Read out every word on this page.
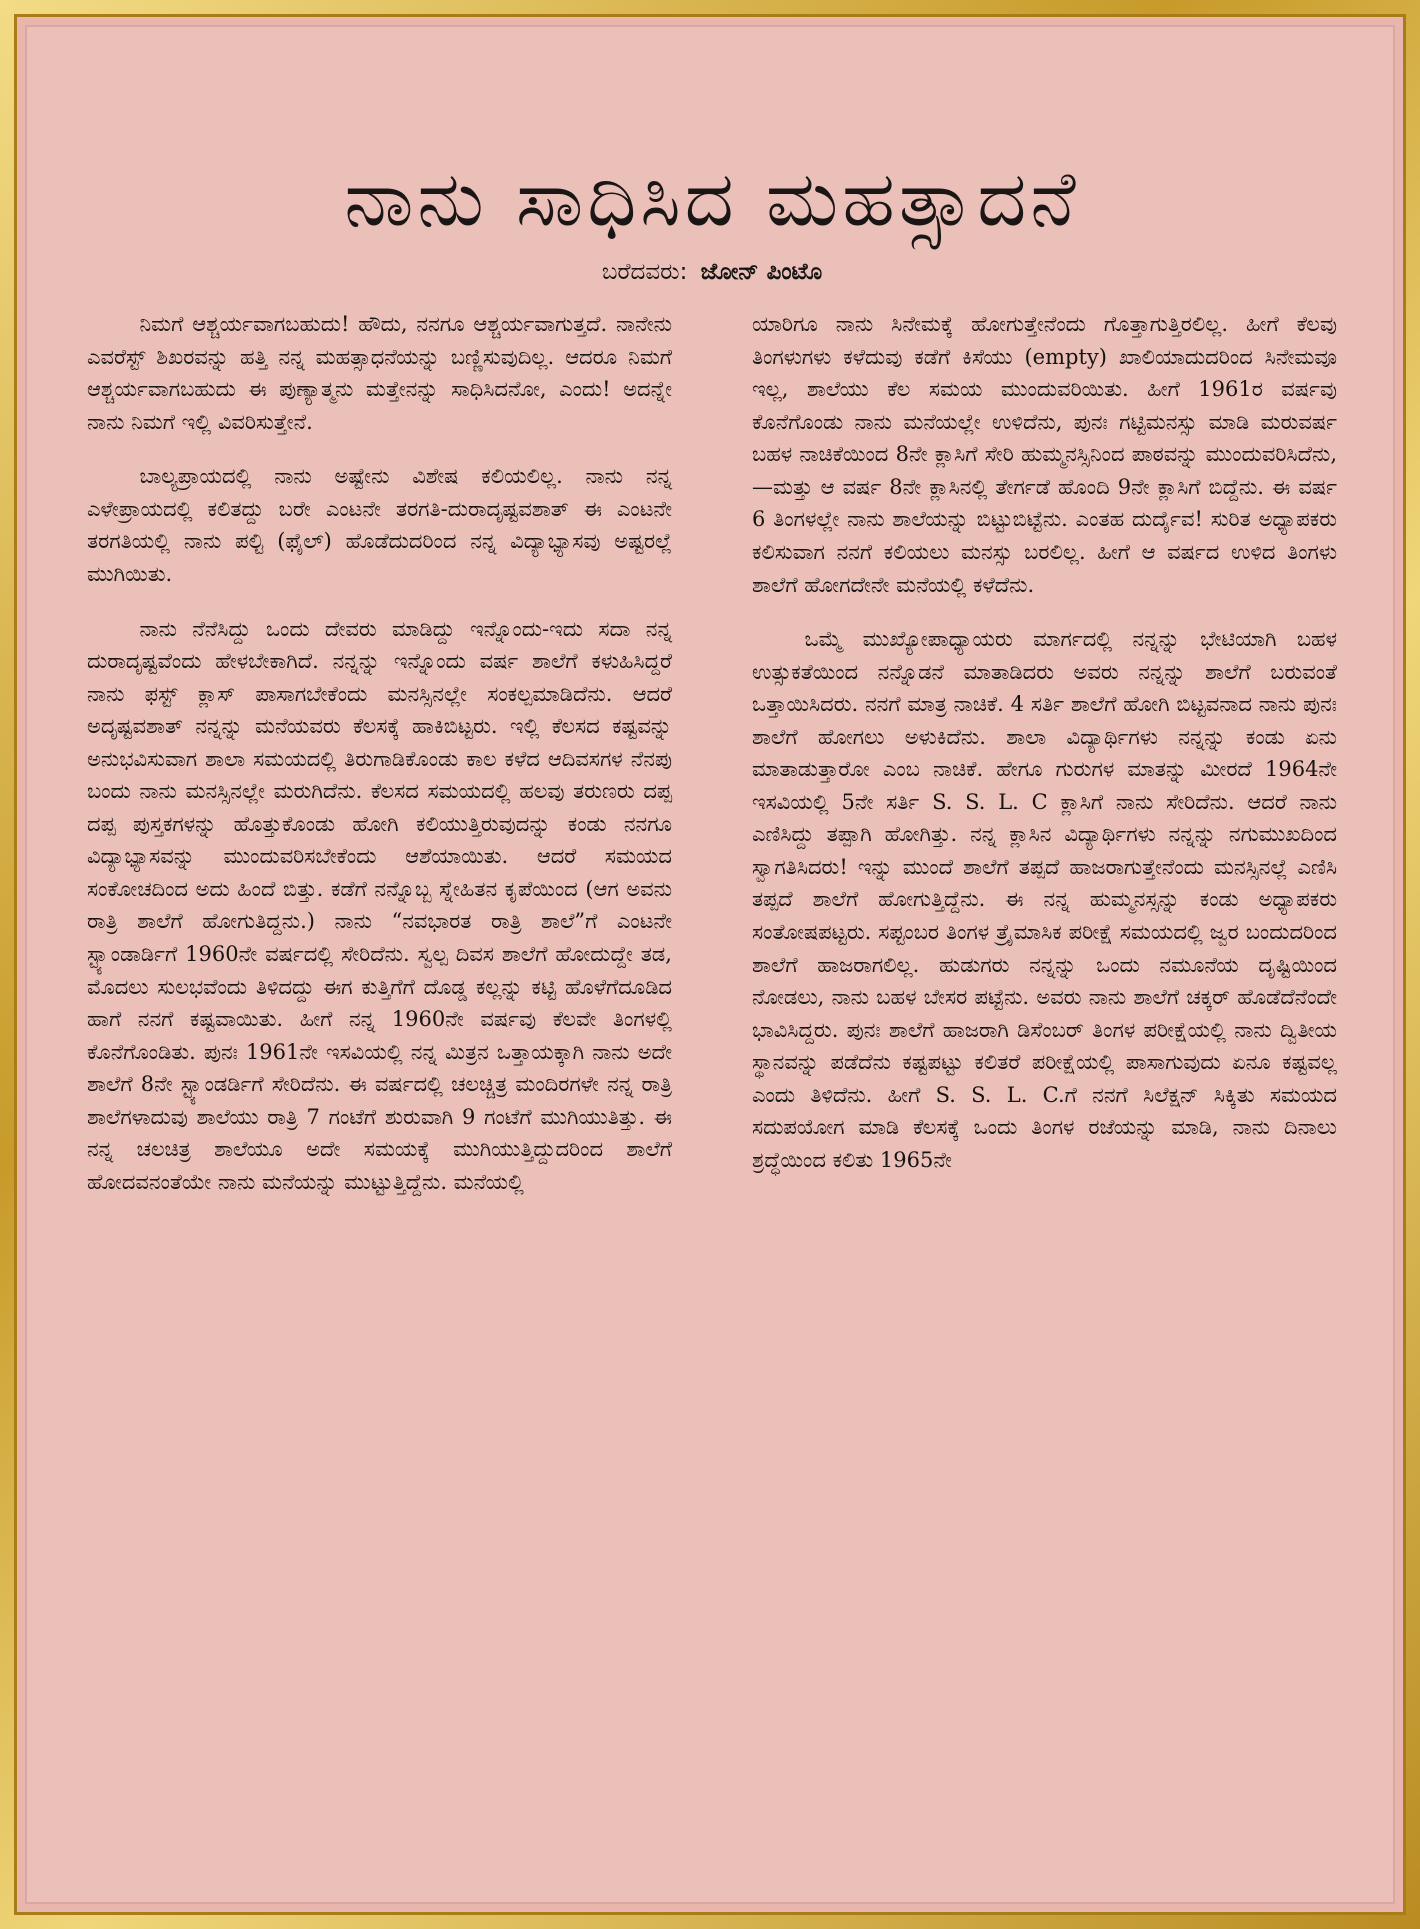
ನಾನು ಸಾಧಿಸಿದ ಮಹತ್ಸಾದನೆ
ಬರೆದವರು: ಜೋನ್ ಪಿಂಟೊ

ನಿಮಗೆ ಆಶ್ಚರ್ಯವಾಗಬಹುದು! ಹೌದು, ನನಗೂ ಆಶ್ಚರ್ಯವಾಗುತ್ತದೆ. ನಾನೇನು ಎವರೆಸ್ಟ್ ಶಿಖರವನ್ನು ಹತ್ತಿ ನನ್ನ ಮಹತ್ಸಾಧನೆಯನ್ನು ಬಣ್ಣಿಸುವುದಿಲ್ಲ. ಆದರೂ ನಿಮಗೆ ಆಶ್ಚರ್ಯವಾಗಬಹುದು ಈ ಪುಣ್ಯಾತ್ಮನು ಮತ್ತೇನನ್ನು ಸಾಧಿಸಿದನೋ, ಎಂದು! ಅದನ್ನೇ ನಾನು ನಿಮಗೆ ಇಲ್ಲಿ ವಿವರಿಸುತ್ತೇನೆ.

ಬಾಲ್ಯಪ್ರಾಯದಲ್ಲಿ ನಾನು ಅಷ್ಟೇನು ವಿಶೇಷ ಕಲಿಯಲಿಲ್ಲ. ನಾನು ನನ್ನ ಎಳೇಪ್ರಾಯದಲ್ಲಿ ಕಲಿತದ್ದು ಬರೇ ಎಂಟನೇ ತರಗತಿ-ದುರಾದೃಷ್ಟವಶಾತ್ ಈ ಎಂಟನೇ ತರಗತಿಯಲ್ಲಿ ನಾನು ಪಲ್ಟಿ (ಫೈಲ್) ಹೊಡೆದುದರಿಂದ ನನ್ನ ವಿದ್ಯಾಭ್ಯಾಸವು ಅಷ್ಟರಲ್ಲೆ ಮುಗಿಯಿತು.

ನಾನು ನೆನೆಸಿದ್ದು ಒಂದು ದೇವರು ಮಾಡಿದ್ದು ಇನ್ನೊಂದು-ಇದು ಸದಾ ನನ್ನ ದುರಾದೃಷ್ಟವೆಂದು ಹೇಳಬೇಕಾಗಿದೆ. ನನ್ನನ್ನು ಇನ್ನೊಂದು ವರ್ಷ ಶಾಲೆಗೆ ಕಳುಹಿಸಿದ್ದರೆ ನಾನು ಫಸ್ಟ್ ಕ್ಲಾಸ್ ಪಾಸಾಗಬೇಕೆಂದು ಮನಸ್ಸಿನಲ್ಲೇ ಸಂಕಲ್ಪಮಾಡಿದೆನು. ಆದರೆ ಅದೃಷ್ಟವಶಾತ್ ನನ್ನನ್ನು ಮನೆಯವರು ಕೆಲಸಕ್ಕೆ ಹಾಕಿಬಿಟ್ಟರು. ಇಲ್ಲಿ ಕೆಲಸದ ಕಷ್ಟವನ್ನು ಅನುಭವಿಸುವಾಗ ಶಾಲಾ ಸಮಯದಲ್ಲಿ ತಿರುಗಾಡಿಕೊಂಡು ಕಾಲ ಕಳೆದ ಆದಿವಸಗಳ ನೆನಪು ಬಂದು ನಾನು ಮನಸ್ಸಿನಲ್ಲೇ ಮರುಗಿದೆನು. ಕೆಲಸದ ಸಮಯದಲ್ಲಿ ಹಲವು ತರುಣರು ದಪ್ಪ ದಪ್ಪ ಪುಸ್ತಕಗಳನ್ನು ಹೊತ್ತುಕೊಂಡು ಹೋಗಿ ಕಲಿಯುತ್ತಿರುವುದನ್ನು ಕಂಡು ನನಗೂ ವಿದ್ಯಾಭ್ಯಾಸವನ್ನು ಮುಂದುವರಿಸಬೇಕೆಂದು ಆಶೆಯಾಯಿತು. ಆದರೆ ಸಮಯದ ಸಂಕೋಚದಿಂದ ಅದು ಹಿಂದೆ ಬಿತ್ತು. ಕಡೆಗೆ ನನ್ನೊಬ್ಬ ಸ್ನೇಹಿತನ ಕೃಪೆಯಿಂದ (ಆಗ ಅವನು ರಾತ್ರಿ ಶಾಲೆಗೆ ಹೋಗುತಿದ್ದನು.) ನಾನು “ನವಭಾರತ ರಾತ್ರಿ ಶಾಲೆ”ಗೆ ಎಂಟನೇ ಸ್ಟ್ಯಾಂಡಾರ್ಡಿಗೆ 1960ನೇ ವರ್ಷದಲ್ಲಿ ಸೇರಿದೆನು. ಸ್ವಲ್ಪ ದಿವಸ ಶಾಲೆಗೆ ಹೋದುದ್ದೇ ತಡ, ಮೊದಲು ಸುಲಭವೆಂದು ತಿಳಿದದ್ದು ಈಗ ಕುತ್ತಿಗೆಗೆ ದೊಡ್ಡ ಕಲ್ಲನ್ನು ಕಟ್ಟಿ ಹೊಳೆಗೆದೂಡಿದ ಹಾಗೆ ನನಗೆ ಕಷ್ಟವಾಯಿತು. ಹೀಗೆ ನನ್ನ 1960ನೇ ವರ್ಷವು ಕೆಲವೇ ತಿಂಗಳಲ್ಲಿ ಕೊನೆಗೊಂಡಿತು. ಪುನಃ 1961ನೇ ಇಸವಿಯಲ್ಲಿ ನನ್ನ ಮಿತ್ರನ ಒತ್ತಾಯಕ್ಕಾಗಿ ನಾನು ಅದೇ ಶಾಲೆಗೆ 8ನೇ ಸ್ಟ್ಯಾಂಡರ್ಡಿಗೆ ಸೇರಿದೆನು. ಈ ವರ್ಷದಲ್ಲಿ ಚಲಚ್ಚಿತ್ರ ಮಂದಿರಗಳೇ ನನ್ನ ರಾತ್ರಿ ಶಾಲೆಗಳಾದುವು ಶಾಲೆಯು ರಾತ್ರಿ 7 ಗಂಟೆಗೆ ಶುರುವಾಗಿ 9 ಗಂಟೆಗೆ ಮುಗಿಯುತಿತ್ತು. ಈ ನನ್ನ ಚಲಚಿತ್ರ ಶಾಲೆಯೂ ಅದೇ ಸಮಯಕ್ಕೆ ಮುಗಿಯುತ್ತಿದ್ದುದರಿಂದ ಶಾಲೆಗೆ ಹೋದವನಂತೆಯೇ ನಾನು ಮನೆಯನ್ನು ಮುಟ್ಟುತ್ತಿದ್ದೆನು. ಮನೆಯಲ್ಲಿ

ಯಾರಿಗೂ ನಾನು ಸಿನೇಮಕ್ಕೆ ಹೋಗುತ್ತೇನೆಂದು ಗೊತ್ತಾಗುತ್ತಿರಲಿಲ್ಲ. ಹೀಗೆ ಕೆಲವು ತಿಂಗಳುಗಳು ಕಳೆದುವು ಕಡೆಗೆ ಕಿಸೆಯು (empty) ಖಾಲಿಯಾದುದರಿಂದ ಸಿನೇಮವೂ ಇಲ್ಲ, ಶಾಲೆಯು ಕೆಲ ಸಮಯ ಮುಂದುವರಿಯಿತು. ಹೀಗೆ 1961ರ ವರ್ಷವು ಕೊನೆಗೊಂಡು ನಾನು ಮನೆಯಲ್ಲೇ ಉಳಿದೆನು, ಪುನಃ ಗಟ್ಟಿಮನಸ್ಸು ಮಾಡಿ ಮರುವರ್ಷ ಬಹಳ ನಾಚಿಕೆಯಿಂದ 8ನೇ ಕ್ಲಾಸಿಗೆ ಸೇರಿ ಹುಮ್ಮನಸ್ಸಿನಿಂದ ಪಾಠವನ್ನು ಮುಂದುವರಿಸಿದೆನು,—ಮತ್ತು ಆ ವರ್ಷ 8ನೇ ಕ್ಲಾಸಿನಲ್ಲಿ ತೇರ್ಗಡೆ ಹೊಂದಿ 9ನೇ ಕ್ಲಾಸಿಗೆ ಬಿದ್ದೆನು. ಈ ವರ್ಷ 6 ತಿಂಗಳಲ್ಲೇ ನಾನು ಶಾಲೆಯನ್ನು ಬಿಟ್ಟುಬಿಟ್ಟೆನು. ಎಂತಹ ದುರ್ದೈವ! ಸುರಿತ ಅಧ್ಯಾಪಕರು ಕಲಿಸುವಾಗ ನನಗೆ ಕಲಿಯಲು ಮನಸ್ಸು ಬರಲಿಲ್ಲ. ಹೀಗೆ ಆ ವರ್ಷದ ಉಳಿದ ತಿಂಗಳು ಶಾಲೆಗೆ ಹೋಗದೇನೇ ಮನೆಯಲ್ಲಿ ಕಳೆದೆನು.

ಒಮ್ಮೆ ಮುಖ್ಯೋಪಾಧ್ಯಾಯರು ಮಾರ್ಗದಲ್ಲಿ ನನ್ನನ್ನು ಭೇಟಿಯಾಗಿ ಬಹಳ ಉತ್ಸುಕತೆಯಿಂದ ನನ್ನೊಡನೆ ಮಾತಾಡಿದರು ಅವರು ನನ್ನನ್ನು ಶಾಲೆಗೆ ಬರುವಂತೆ ಒತ್ತಾಯಿಸಿದರು. ನನಗೆ ಮಾತ್ರ ನಾಚಿಕೆ. 4 ಸರ್ತಿ ಶಾಲೆಗೆ ಹೋಗಿ ಬಿಟ್ಟವನಾದ ನಾನು ಪುನಃ ಶಾಲೆಗೆ ಹೋಗಲು ಅಳುಕಿದೆನು. ಶಾಲಾ ವಿದ್ಯಾರ್ಥಿಗಳು ನನ್ನನ್ನು ಕಂಡು ಏನು ಮಾತಾಡುತ್ತಾರೋ ಎಂಬ ನಾಚಿಕೆ. ಹೇಗೂ ಗುರುಗಳ ಮಾತನ್ನು ಮೀರದೆ 1964ನೇ ಇಸವಿಯಲ್ಲಿ 5ನೇ ಸರ್ತಿ S. S. L. C ಕ್ಲಾಸಿಗೆ ನಾನು ಸೇರಿದೆನು. ಆದರೆ ನಾನು ಎಣಿಸಿದ್ದು ತಪ್ಪಾಗಿ ಹೋಗಿತ್ತು. ನನ್ನ ಕ್ಲಾಸಿನ ವಿದ್ಯಾರ್ಥಿಗಳು ನನ್ನನ್ನು ನಗುಮುಖದಿಂದ ಸ್ವಾಗತಿಸಿದರು! ಇನ್ನು ಮುಂದೆ ಶಾಲೆಗೆ ತಪ್ಪದೆ ಹಾಜರಾಗುತ್ತೇನೆಂದು ಮನಸ್ಸಿನಲ್ಲೆ ಎಣಿಸಿ ತಪ್ಪದೆ ಶಾಲೆಗೆ ಹೋಗುತ್ತಿದ್ದೆನು. ಈ ನನ್ನ ಹುಮ್ಮನಸ್ಸನ್ನು ಕಂಡು ಅಧ್ಯಾಪಕರು ಸಂತೋಷಪಟ್ಟರು. ಸಪ್ಟಂಬರ ತಿಂಗಳ ತ್ರೈಮಾಸಿಕ ಪರೀಕ್ಷೆ ಸಮಯದಲ್ಲಿ ಜ್ವರ ಬಂದುದರಿಂದ ಶಾಲೆಗೆ ಹಾಜರಾಗಲಿಲ್ಲ. ಹುಡುಗರು ನನ್ನನ್ನು ಒಂದು ನಮೂನೆಯ ದೃಷ್ಟಿಯಿಂದ ನೋಡಲು, ನಾನು ಬಹಳ ಬೇಸರ ಪಟ್ಟೆನು. ಅವರು ನಾನು ಶಾಲೆಗೆ ಚಕ್ಕರ್ ಹೊಡೆದೆನೆಂದೇ ಭಾವಿಸಿದ್ದರು. ಪುನಃ ಶಾಲೆಗೆ ಹಾಜರಾಗಿ ಡಿಸೆಂಬರ್ ತಿಂಗಳ ಪರೀಕ್ಷೆಯಲ್ಲಿ ನಾನು ದ್ವಿತೀಯ ಸ್ಥಾನವನ್ನು ಪಡೆದೆನು ಕಷ್ಟಪಟ್ಟು ಕಲಿತರೆ ಪರೀಕ್ಷೆಯಲ್ಲಿ ಪಾಸಾಗುವುದು ಏನೂ ಕಷ್ಟವಲ್ಲ ಎಂದು ತಿಳಿದೆನು. ಹೀಗೆ S. S. L. C.ಗೆ ನನಗೆ ಸಿಲೆಕ್ಷನ್ ಸಿಕ್ಕಿತು ಸಮಯದ ಸದುಪಯೋಗ ಮಾಡಿ ಕೆಲಸಕ್ಕೆ ಒಂದು ತಿಂಗಳ ರಜೆಯನ್ನು ಮಾಡಿ, ನಾನು ದಿನಾಲು ಶ್ರದ್ಧೆಯಿಂದ ಕಲಿತು 1965ನೇ
